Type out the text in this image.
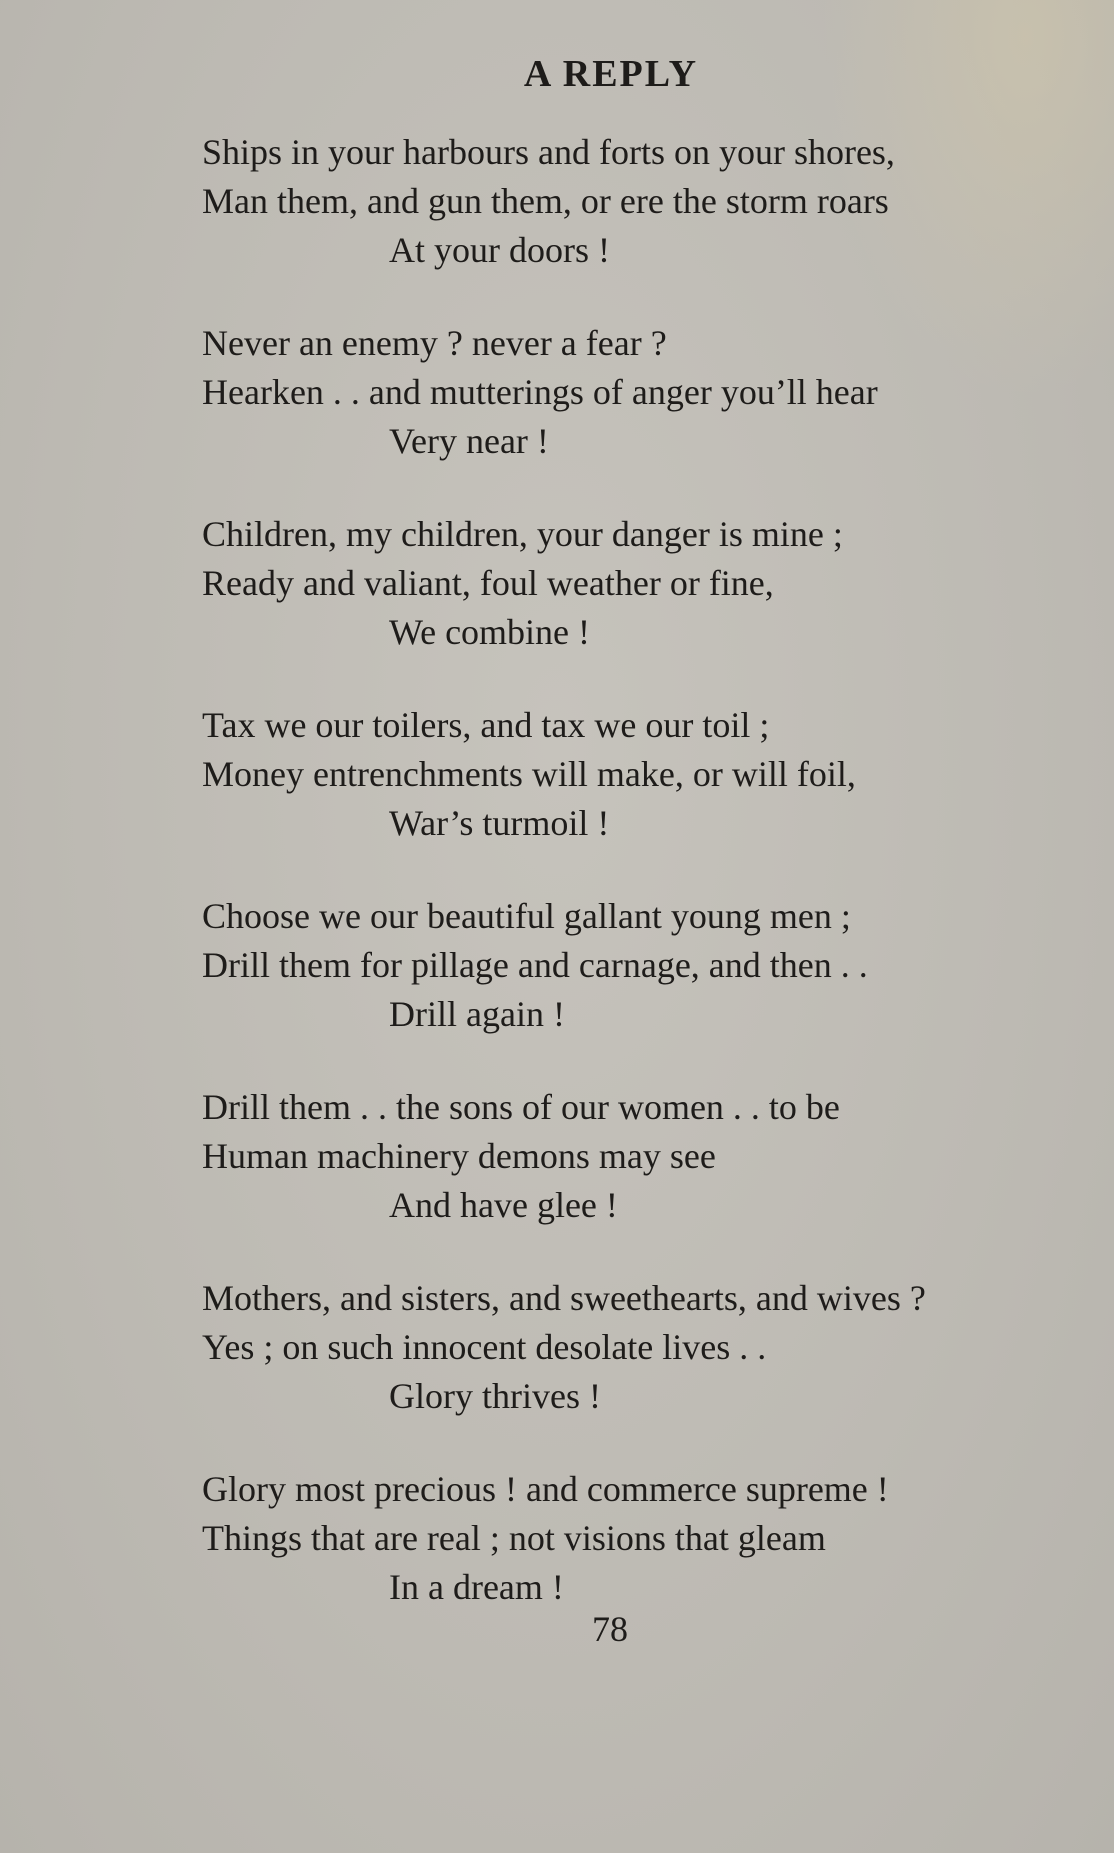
A REPLY
Ships in your harbours and forts on your shores,
Man them, and gun them, or ere the storm roars
At your doors !
Never an enemy ? never a fear ?
Hearken . . and mutterings of anger you’ll hear
Very near !
Children, my children, your danger is mine ;
Ready and valiant, foul weather or fine,
We combine !
Tax we our toilers, and tax we our toil ;
Money entrenchments will make, or will foil,
War’s turmoil !
Choose we our beautiful gallant young men ;
Drill them for pillage and carnage, and then . .
Drill again !
Drill them . . the sons of our women . . to be
Human machinery demons may see
And have glee !
Mothers, and sisters, and sweethearts, and wives ?
Yes ; on such innocent desolate lives . .
Glory thrives !
Glory most precious ! and commerce supreme !
Things that are real ; not visions that gleam
In a dream !
78
